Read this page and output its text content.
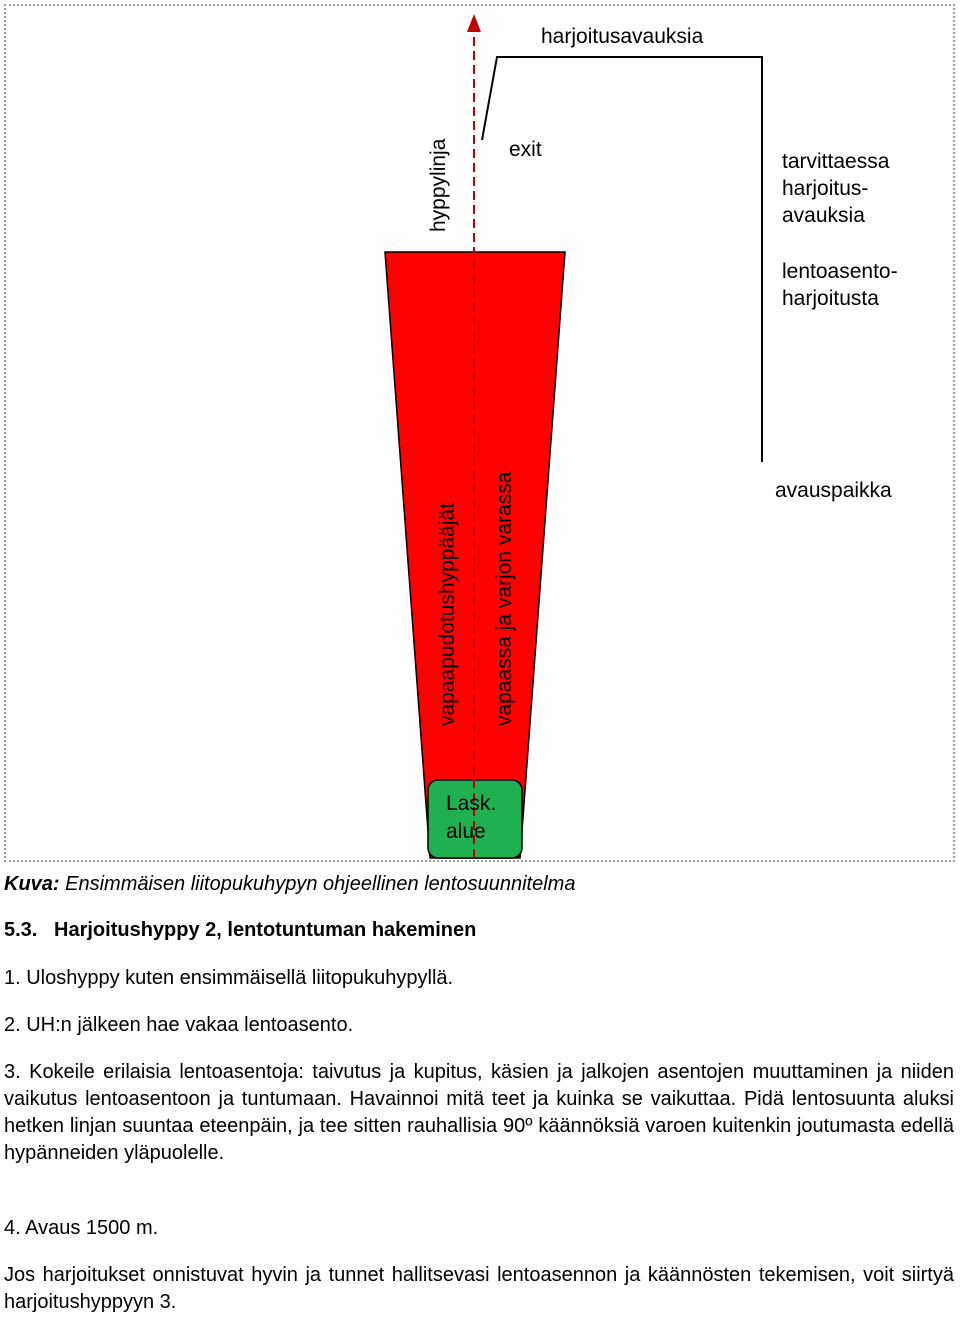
harjoitusavauksia
exit
tarvittaessa
harjoitus-
avauksia
lentoasento-
harjoitusta
avauspaikka
hyppylinja
vapaapudotushyppääjät vapaassa ja varjon varassa
Lask.
alue
Kuva: Ensimmäisen liitopukuhypyn ohjeellinen lentosuunnitelma
5.3.   Harjoitushyppy 2, lentotuntuman hakeminen
1. Uloshyppy kuten ensimmäisellä liitopukuhypyllä.
2. UH:n jälkeen hae vakaa lentoasento.
3. Kokeile erilaisia lentoasentoja: taivutus ja kupitus, käsien ja jalkojen asentojen muuttaminen ja niiden vaikutus lentoasentoon ja tuntumaan. Havainnoi mitä teet ja kuinka se vaikuttaa. Pidä lentosuunta aluksi hetken linjan suuntaa eteenpäin, ja tee sitten rauhallisia 90º käännöksiä varoen kuitenkin joutumasta edellä hypänneiden yläpuolelle.
4. Avaus 1500 m.
Jos harjoitukset onnistuvat hyvin ja tunnet hallitsevasi lentoasennon ja käännösten tekemisen, voit siirtyä harjoitushyppyyn 3.
